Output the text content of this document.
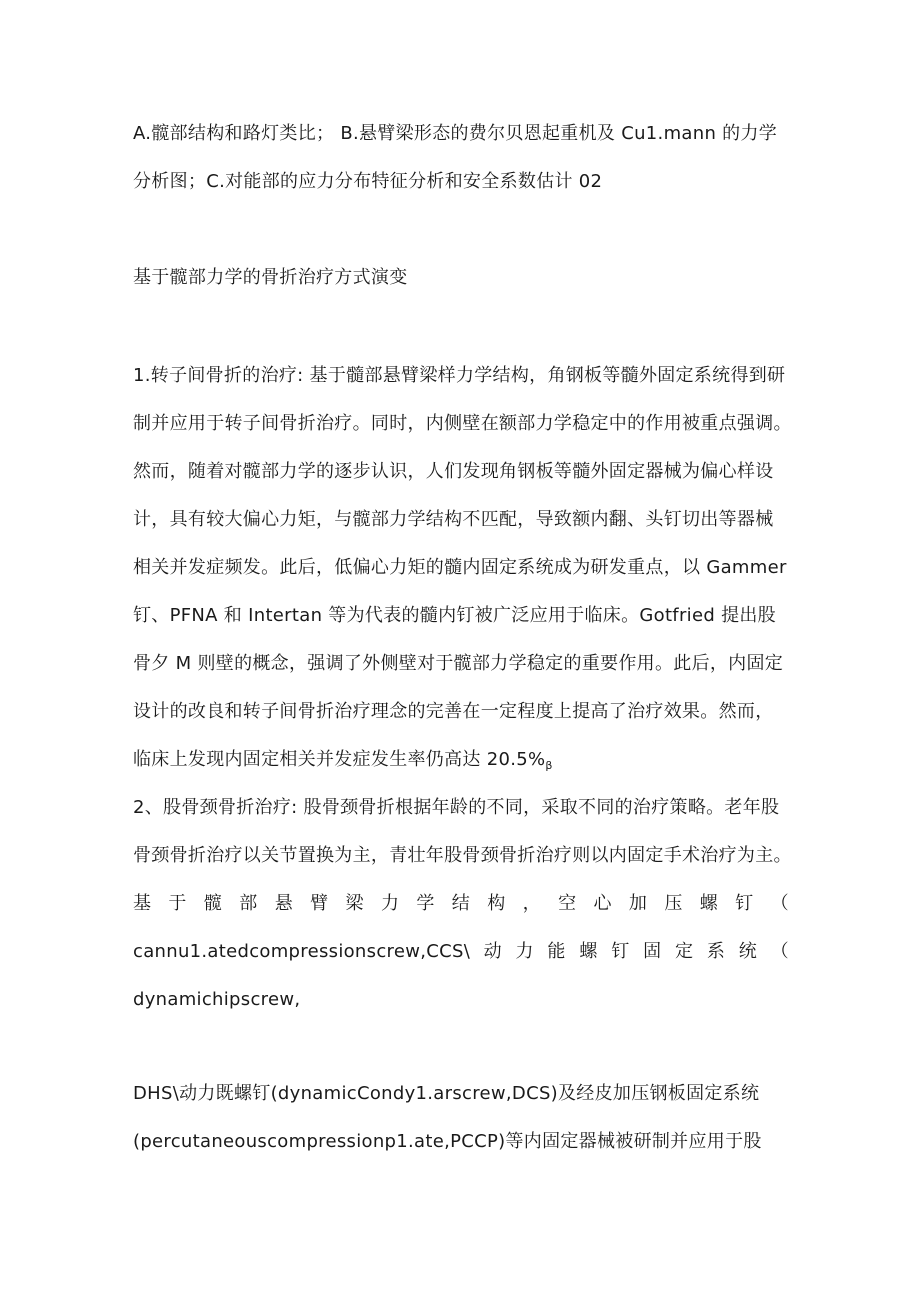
A.髋部结构和路灯类比； B.悬臂梁形态的费尔贝恩起重机及 Cu1.mann 的力学
分析图；C.对能部的应力分布特征分析和安全系数估计 02
基于髋部力学的骨折治疗方式演变
1.转子间骨折的治疗: 基于髓部悬臂梁样力学结构，角钢板等髓外固定系统得到研
制并应用于转子间骨折治疗。同时，内侧壁在额部力学稳定中的作用被重点强调。
然而，随着对髋部力学的逐步认识，人们发现角钢板等髓外固定器械为偏心样设
计，具有较大偏心力矩，与髋部力学结构不匹配，导致额内翻、头钉切出等器械
相关并发症频发。此后，低偏心力矩的髓内固定系统成为研发重点，以 Gammer
钉、PFNA 和 Intertan 等为代表的髓内钉被广泛应用于临床。Gotfried 提出股
骨夕 M 则壁的概念，强调了外侧壁对于髋部力学稳定的重要作用。此后，内固定
设计的改良和转子间骨折治疗理念的完善在一定程度上提高了治疗效果。然而，
临床上发现内固定相关并发症发生率仍高达 $20.5\%_\beta$
2、股骨颈骨折治疗: 股骨颈骨折根据年龄的不同，采取不同的治疗策略。老年股
骨颈骨折治疗以关节置换为主，青壮年股骨颈骨折治疗则以内固定手术治疗为主。
基 于 髋 部 悬 臂 梁 力 学 结 构 ， 空 心 加 压 螺 钉 （
cannu1.atedcompressionscrew,CCS\ 动 力 能 螺 钉 固 定 系 统 （
dynamichipscrew,
DHS\动力既螺钉(dynamicCondy1.arscrew,DCS)及经皮加压钢板固定系统
(percutaneouscompressionp1.ate,PCCP)等内固定器械被研制并应用于股
